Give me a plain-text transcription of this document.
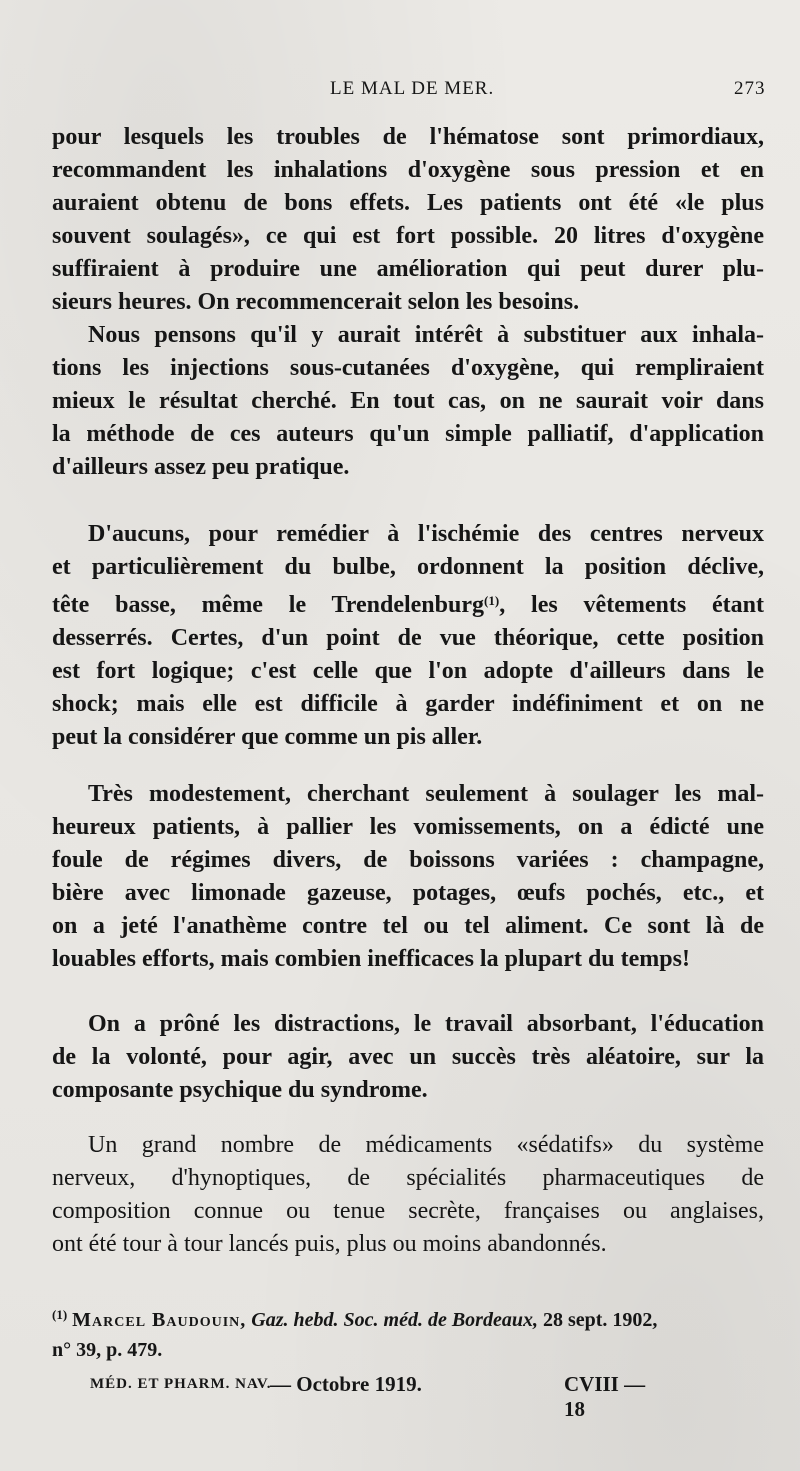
LE MAL DE MER.	273
pour lesquels les troubles de l'hématose sont primordiaux,
recommandent les inhalations d'oxygène sous pression et en
auraient obtenu de bons effets. Les patients ont été «le plus
souvent soulagés», ce qui est fort possible. 20 litres d'oxygène
suffiraient à produire une amélioration qui peut durer plu-
sieurs heures. On recommencerait selon les besoins.
Nous pensons qu'il y aurait intérêt à substituer aux inhala-
tions les injections sous-cutanées d'oxygène, qui rempliraient
mieux le résultat cherché. En tout cas, on ne saurait voir dans
la méthode de ces auteurs qu'un simple palliatif, d'application
d'ailleurs assez peu pratique.
D'aucuns, pour remédier à l'ischémie des centres nerveux
et particulièrement du bulbe, ordonnent la position déclive,
tête basse, même le Trendelenburg$^{(1)}$, les vêtements étant
desserrés. Certes, d'un point de vue théorique, cette position
est fort logique; c'est celle que l'on adopte d'ailleurs dans le
shock; mais elle est difficile à garder indéfiniment et on ne
peut la considérer que comme un pis aller.
Très modestement, cherchant seulement à soulager les mal-
heureux patients, à pallier les vomissements, on a édicté une
foule de régimes divers, de boissons variées : champagne,
bière avec limonade gazeuse, potages, œufs pochés, etc., et
on a jeté l'anathème contre tel ou tel aliment. Ce sont là de
louables efforts, mais combien inefficaces la plupart du temps!
On a prôné les distractions, le travail absorbant, l'éducation
de la volonté, pour agir, avec un succès très aléatoire, sur la
composante psychique du syndrome.
Un grand nombre de médicaments «sédatifs» du système
nerveux, d'hynoptiques, de spécialités pharmaceutiques de
composition connue ou tenue secrète, françaises ou anglaises,
ont été tour à tour lancés puis, plus ou moins abandonnés.
$^{(1)}$ Marcel Baudouin, Gaz. hebd. Soc. méd. de Bordeaux, 28 sept. 1902,
n° 39, p. 479.
MÉD. ET PHARM. NAV.
— Octobre 1919.	CVIII — 18
